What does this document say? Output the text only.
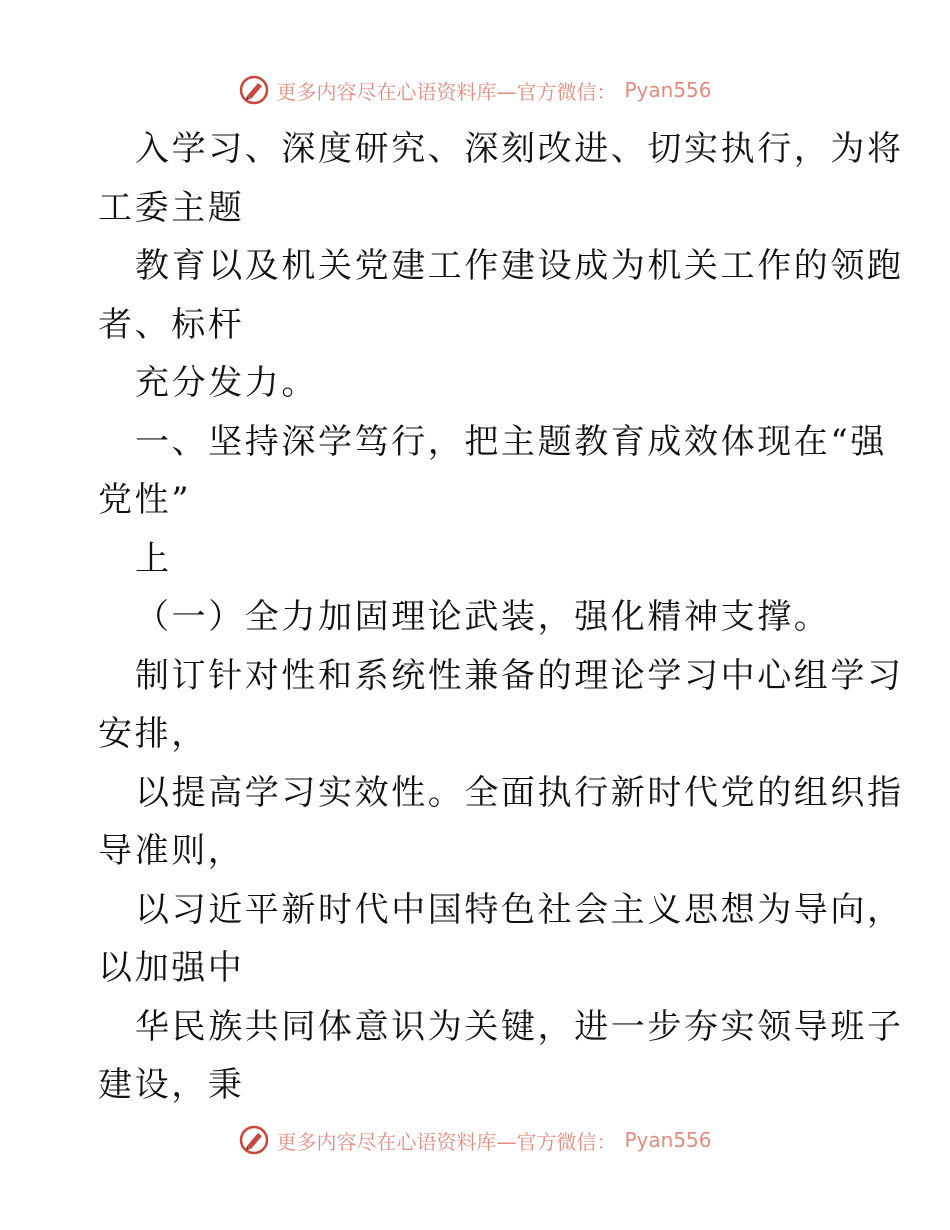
更多内容尽在心语资料库—官方微信： Pyan556
入学习、深度研究、深刻改进、切实执行，为将
工委主题
教育以及机关党建工作建设成为机关工作的领跑
者、标杆
充分发力。
一、坚持深学笃行，把主题教育成效体现在“强
党性”
上
（一）全力加固理论武装，强化精神支撑。
制订针对性和系统性兼备的理论学习中心组学习
安排，
以提高学习实效性。全面执行新时代党的组织指
导准则，
以习近平新时代中国特色社会主义思想为导向，
以加强中
华民族共同体意识为关键，进一步夯实领导班子
建设，秉
更多内容尽在心语资料库—官方微信： Pyan556
